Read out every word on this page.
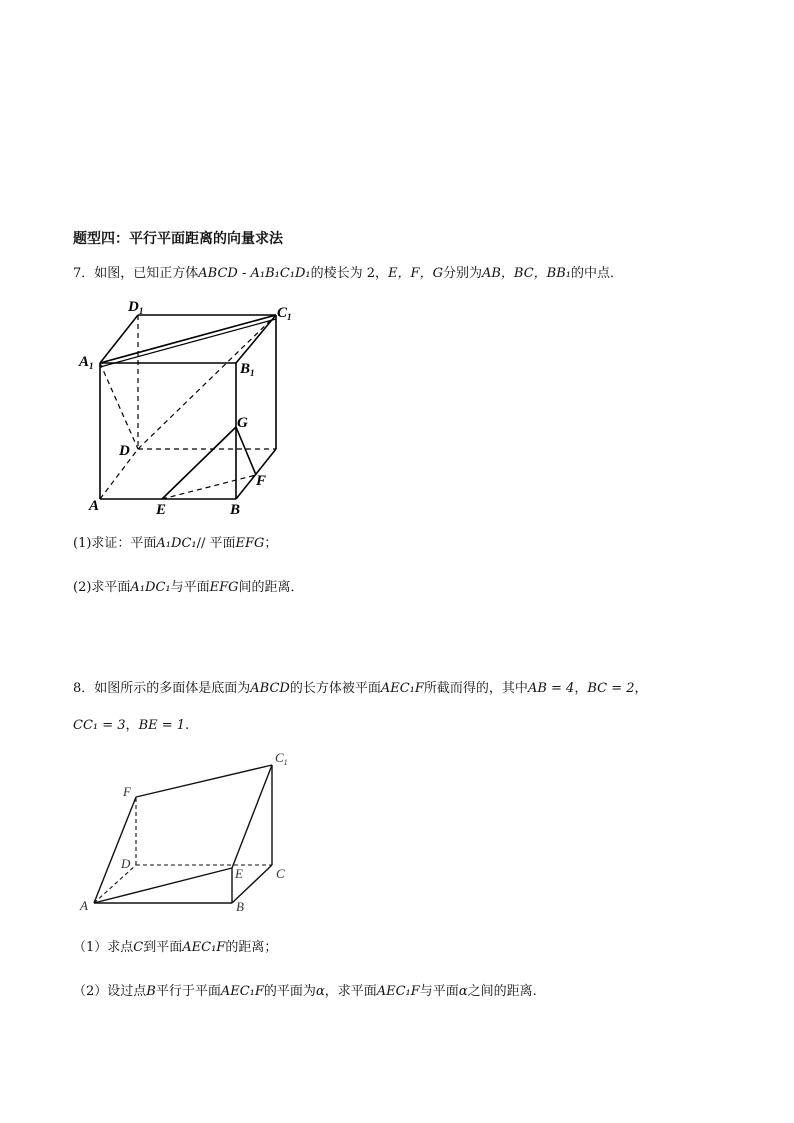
题型四：平行平面距离的向量求法
7．如图，已知正方体ABCD - A₁B₁C₁D₁的棱长为 2，E，F，G分别为AB，BC，BB₁的中点．
$D_1$	$C_1$
$A_1$	$B_1$
G
D
F
A	E	B
(1)求证：平面A₁DC₁// 平面EFG；
(2)求平面A₁DC₁与平面EFG间的距离．
8．如图所示的多面体是底面为ABCD的长方体被平面AEC₁F所截而得的，其中AB = 4，BC = 2，
CC₁ = 3，BE = 1.
$C_1$
F
D
E	C
A	B
（1）求点C到平面AEC₁F的距离；
（2）设过点B平行于平面AEC₁F的平面为α，求平面AEC₁F与平面α之间的距离.
